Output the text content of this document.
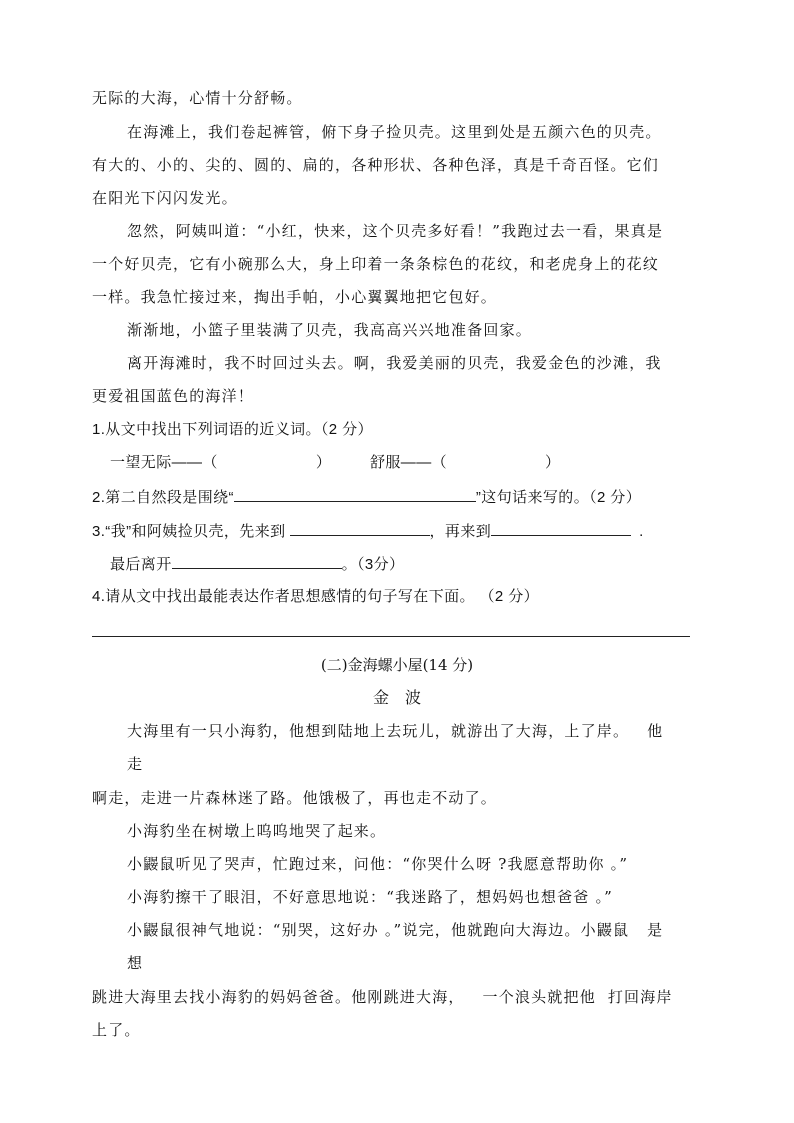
无际的大海，心情十分舒畅。
在海滩上，我们卷起裤管，俯下身子捡贝壳。这里到处是五颜六色的贝壳。
有大的、小的、尖的、圆的、扁的，各种形状、各种色泽，真是千奇百怪。它们
在阳光下闪闪发光。
忽然，阿姨叫道：“小红，快来，这个贝壳多好看！”我跑过去一看，果真是
一个好贝壳，它有小碗那么大，身上印着一条条棕色的花纹，和老虎身上的花纹
一样。我急忙接过来，掏出手帕，小心翼翼地把它包好。
渐渐地，小篮子里装满了贝壳，我高高兴兴地准备回家。
离开海滩时，我不时回过头去。啊，我爱美丽的贝壳，我爱金色的沙滩，我
更爱祖国蓝色的海洋！
1.从文中找出下列词语的近义词。（2 分）
一望无际——（	）	舒服——（	）
2.第二自然段是围绕“	”这句话来写的。（2 分）
3.“我”和阿姨捡贝壳，先来到	，再来到	.
最后离开	。（3分）
4.请从文中找出最能表达作者思想感情的句子写在下面。 （2 分）
(二)金海螺小屋(14 分)
金　波
大海里有一只小海豹，他想到陆地上去玩儿，就游出了大海，上了岸。   他
走
啊走，走进一片森林迷了路。他饿极了，再也走不动了。
小海豹坐在树墩上呜呜地哭了起来。
小鼹鼠听见了哭声，忙跑过来，问他：“你哭什么呀 ?我愿意帮助你 。”
小海豹擦干了眼泪，不好意思地说：“我迷路了，想妈妈也想爸爸 。”
小鼹鼠很神气地说：“别哭，这好办 。”说完，他就跑向大海边。小鼹鼠   是
想
跳进大海里去找小海豹的妈妈爸爸。他刚跳进大海，   一个浪头就把他  打回海岸
上了。
